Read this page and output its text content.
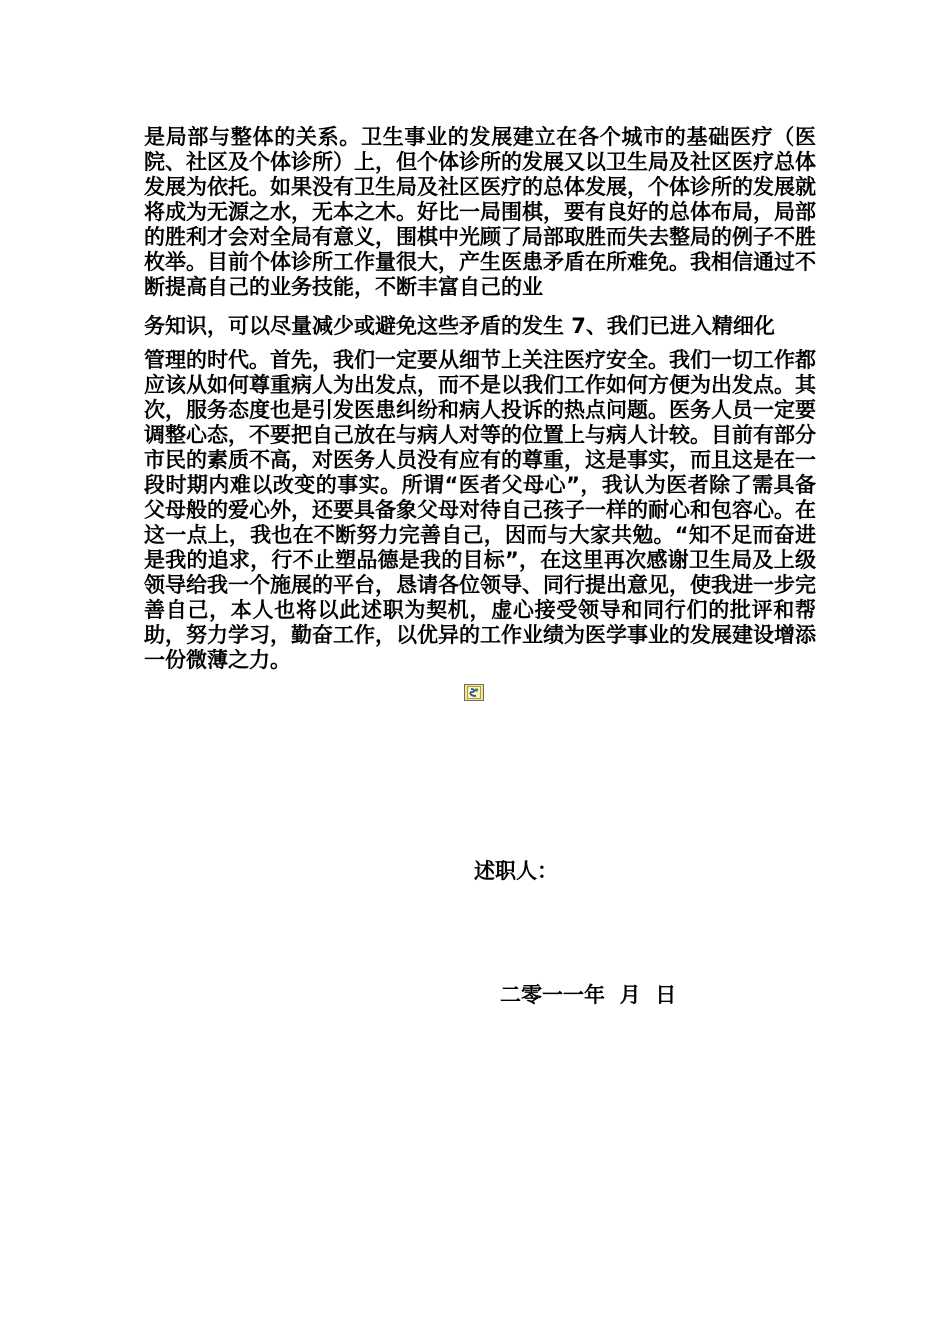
是局部与整体的关系。卫生事业的发展建立在各个城市的基础医疗（医院、社区及个体诊所）上，但个体诊所的发展又以卫生局及社区医疗总体发展为依托。如果没有卫生局及社区医疗的总体发展，个体诊所的发展就将成为无源之水，无本之木。好比一局围棋，要有良好的总体布局，局部的胜利才会对全局有意义，围棋中光顾了局部取胜而失去整局的例子不胜枚举。目前个体诊所工作量很大，产生医患矛盾在所难免。我相信通过不断提高自己的业务技能，不断丰富自己的业

务知识，可以尽量减少或避免这些矛盾的发生 7、我们已进入精细化

管理的时代。首先，我们一定要从细节上关注医疗安全。我们一切工作都应该从如何尊重病人为出发点，而不是以我们工作如何方便为出发点。其次，服务态度也是引发医患纠纷和病人投诉的热点问题。医务人员一定要调整心态，不要把自己放在与病人对等的位置上与病人计较。目前有部分市民的素质不高，对医务人员没有应有的尊重，这是事实，而且这是在一段时期内难以改变的事实。所谓“医者父母心”，我认为医者除了需具备父母般的爱心外，还要具备象父母对待自己孩子一样的耐心和包容心。在这一点上，我也在不断努力完善自己，因而与大家共勉。“知不足而奋进是我的追求，行不止塑品德是我的目标”，在这里再次感谢卫生局及上级领导给我一个施展的平台，恳请各位领导、同行提出意见，使我进一步完善自己，本人也将以此述职为契机，虚心接受领导和同行们的批评和帮助，努力学习，勤奋工作，以优异的工作业绩为医学事业的发展建设增添一份微薄之力。

述职人：

二零一一年  月  日
